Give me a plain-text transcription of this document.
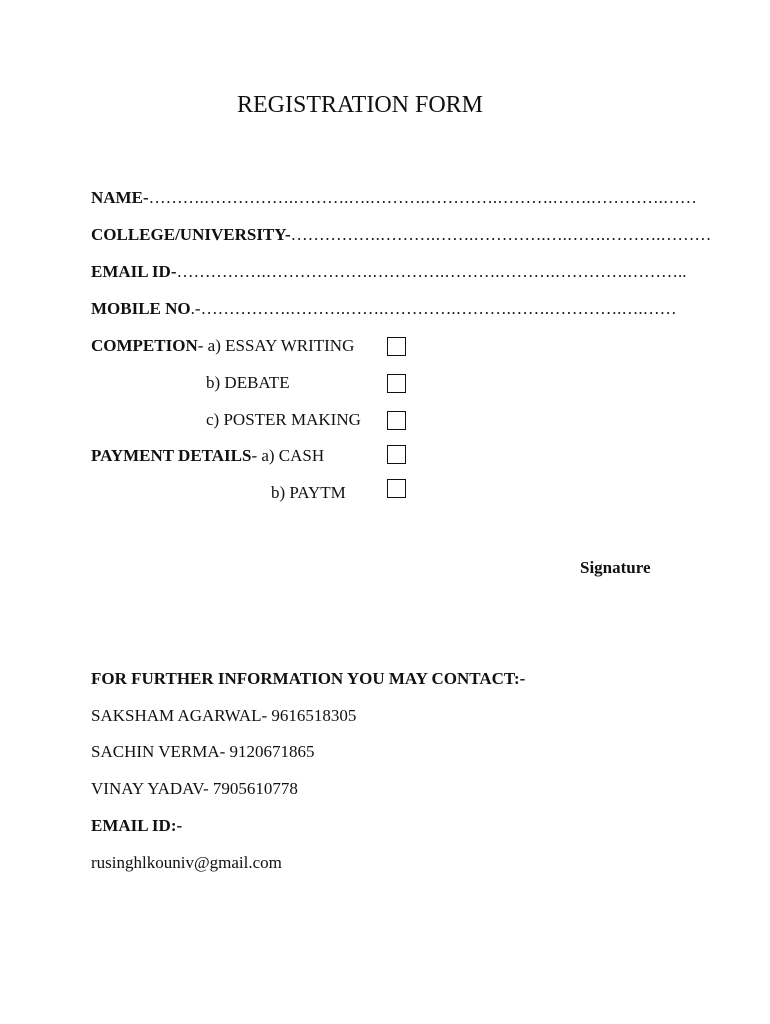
REGISTRATION FORM
NAME-……….…………….……….….……….………….……….…….………….……
COLLEGE/UNIVERSITY-…………….……….…….………….….…….……….………
EMAIL ID-…………….……………….………….……….……….………….………..
MOBILE NO.-…………….……….…….………….……….…….………….….……
COMPETION- a) ESSAY WRITING
b) DEBATE
c) POSTER MAKING
PAYMENT DETAILS- a) CASH
b) PAYTM
Signature
FOR FURTHER INFORMATION YOU MAY CONTACT:-
SAKSHAM AGARWAL- 9616518305
SACHIN VERMA- 9120671865
VINAY YADAV- 7905610778
EMAIL ID:-
rusinghlkouniv@gmail.com
